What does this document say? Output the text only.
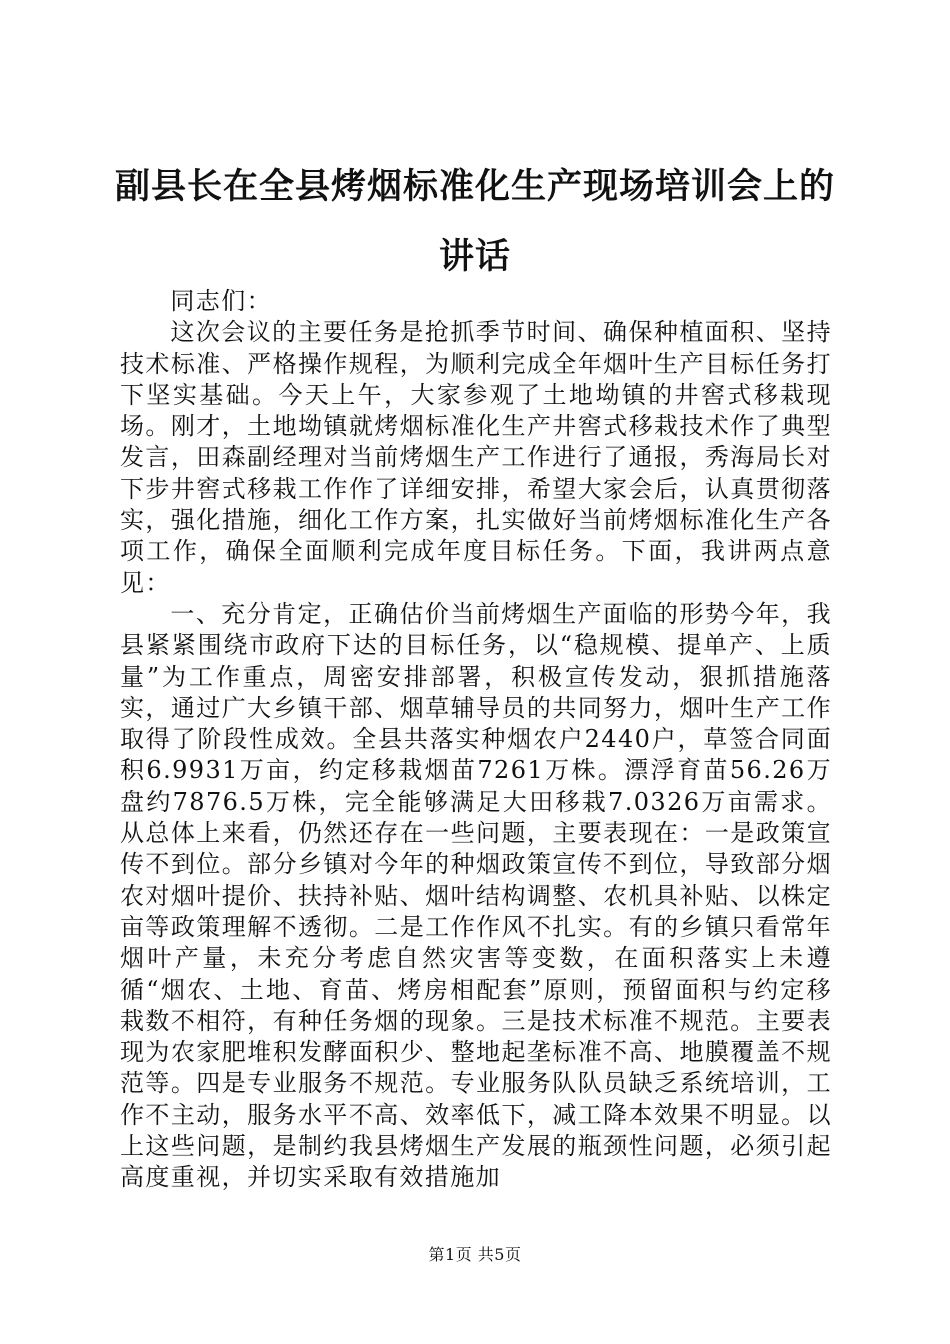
副县长在全县烤烟标准化生产现场培训会上的讲话

同志们：

这次会议的主要任务是抢抓季节时间、确保种植面积、坚持技术标准、严格操作规程，为顺利完成全年烟叶生产目标任务打下坚实基础。今天上午，大家参观了土地坳镇的井窖式移栽现场。刚才，土地坳镇就烤烟标准化生产井窖式移栽技术作了典型发言，田森副经理对当前烤烟生产工作进行了通报，秀海局长对下步井窖式移栽工作作了详细安排，希望大家会后，认真贯彻落实，强化措施，细化工作方案，扎实做好当前烤烟标准化生产各项工作，确保全面顺利完成年度目标任务。下面，我讲两点意见：

一、充分肯定，正确估价当前烤烟生产面临的形势今年，我县紧紧围绕市政府下达的目标任务，以“稳规模、提单产、上质量”为工作重点，周密安排部署，积极宣传发动，狠抓措施落实，通过广大乡镇干部、烟草辅导员的共同努力，烟叶生产工作取得了阶段性成效。全县共落实种烟农户2440户，草签合同面积6.9931万亩，约定移栽烟苗7261万株。漂浮育苗56.26万盘约7876.5万株，完全能够满足大田移栽7.0326万亩需求。从总体上来看，仍然还存在一些问题，主要表现在：一是政策宣传不到位。部分乡镇对今年的种烟政策宣传不到位，导致部分烟农对烟叶提价、扶持补贴、烟叶结构调整、农机具补贴、以株定亩等政策理解不透彻。二是工作作风不扎实。有的乡镇只看常年烟叶产量，未充分考虑自然灾害等变数，在面积落实上未遵循“烟农、土地、育苗、烤房相配套”原则，预留面积与约定移栽数不相符，有种任务烟的现象。三是技术标准不规范。主要表现为农家肥堆积发酵面积少、整地起垄标准不高、地膜覆盖不规范等。四是专业服务不规范。专业服务队队员缺乏系统培训，工作不主动，服务水平不高、效率低下，减工降本效果不明显。以上这些问题，是制约我县烤烟生产发展的瓶颈性问题，必须引起高度重视，并切实采取有效措施加

第1页 共5页
